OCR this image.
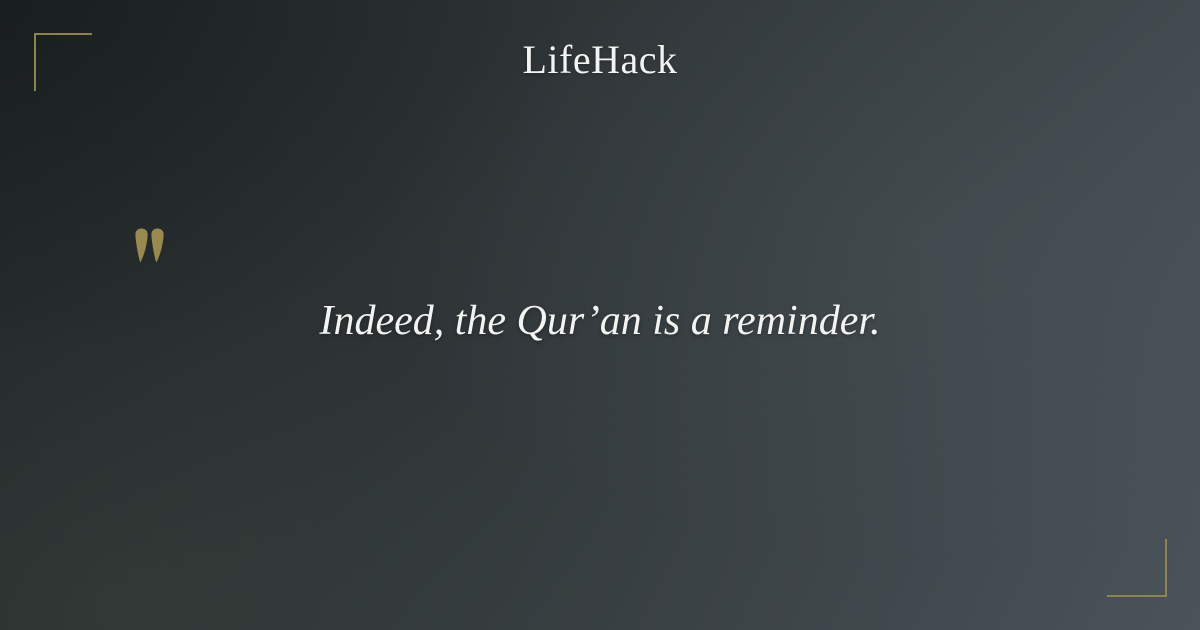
LifeHack
Indeed, the Qur’an is a reminder.
